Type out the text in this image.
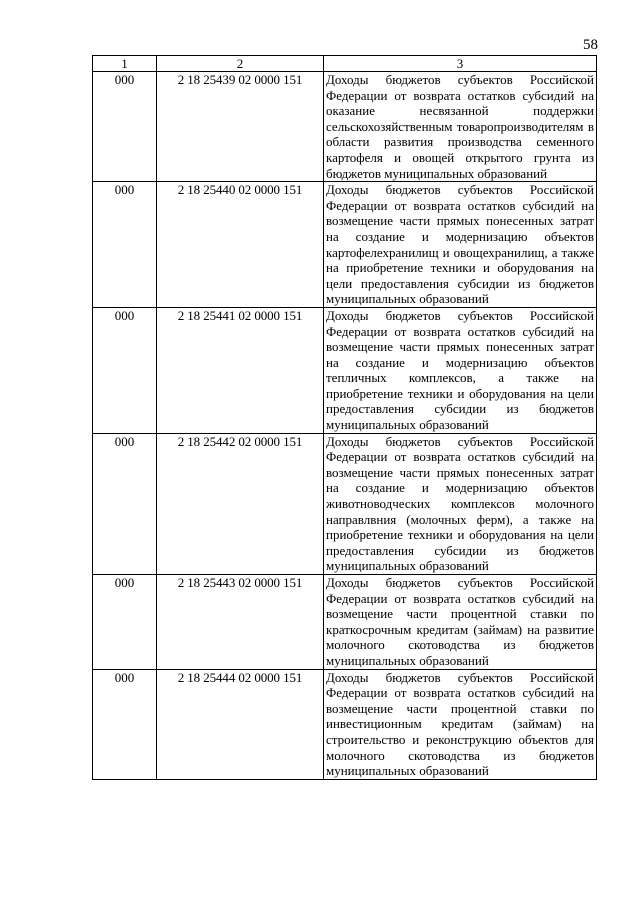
58
1	2	3
000	2 18 25439 02 0000 151	Доходы бюджетов субъектов Российской Федерации от возврата остатков субсидий на оказание несвязанной поддержки сельскохозяйственным товаропроизводителям в области развития производства семенного картофеля и овощей открытого грунта из бюджетов муниципальных образований
000	2 18 25440 02 0000 151	Доходы бюджетов субъектов Российской Федерации от возврата остатков субсидий на возмещение части прямых понесенных затрат на создание и модернизацию объектов картофелехранилищ и овощехранилищ, а также на приобретение техники и оборудования на цели предоставления субсидии из бюджетов муниципальных образований
000	2 18 25441 02 0000 151	Доходы бюджетов субъектов Российской Федерации от возврата остатков субсидий на возмещение части прямых понесенных затрат на создание и модернизацию объектов тепличных комплексов, а также на приобретение техники и оборудования на цели предоставления субсидии из бюджетов муниципальных образований
000	2 18 25442 02 0000 151	Доходы бюджетов субъектов Российской Федерации от возврата остатков субсидий на возмещение части прямых понесенных затрат на создание и модернизацию объектов животноводческих комплексов молочного направлвния (молочных ферм), а также на приобретение техники и оборудования на цели предоставления субсидии из бюджетов муниципальных образований
000	2 18 25443 02 0000 151	Доходы бюджетов субъектов Российской Федерации от возврата остатков субсидий на возмещение части процентной ставки по краткосрочным кредитам (займам) на развитие молочного скотоводства из бюджетов муниципальных образований
000	2 18 25444 02 0000 151	Доходы бюджетов субъектов Российской Федерации от возврата остатков субсидий на возмещение части процентной ставки по инвестиционным кредитам (займам) на строительство и реконструкцию объектов для молочного скотоводства из бюджетов муниципальных образований
